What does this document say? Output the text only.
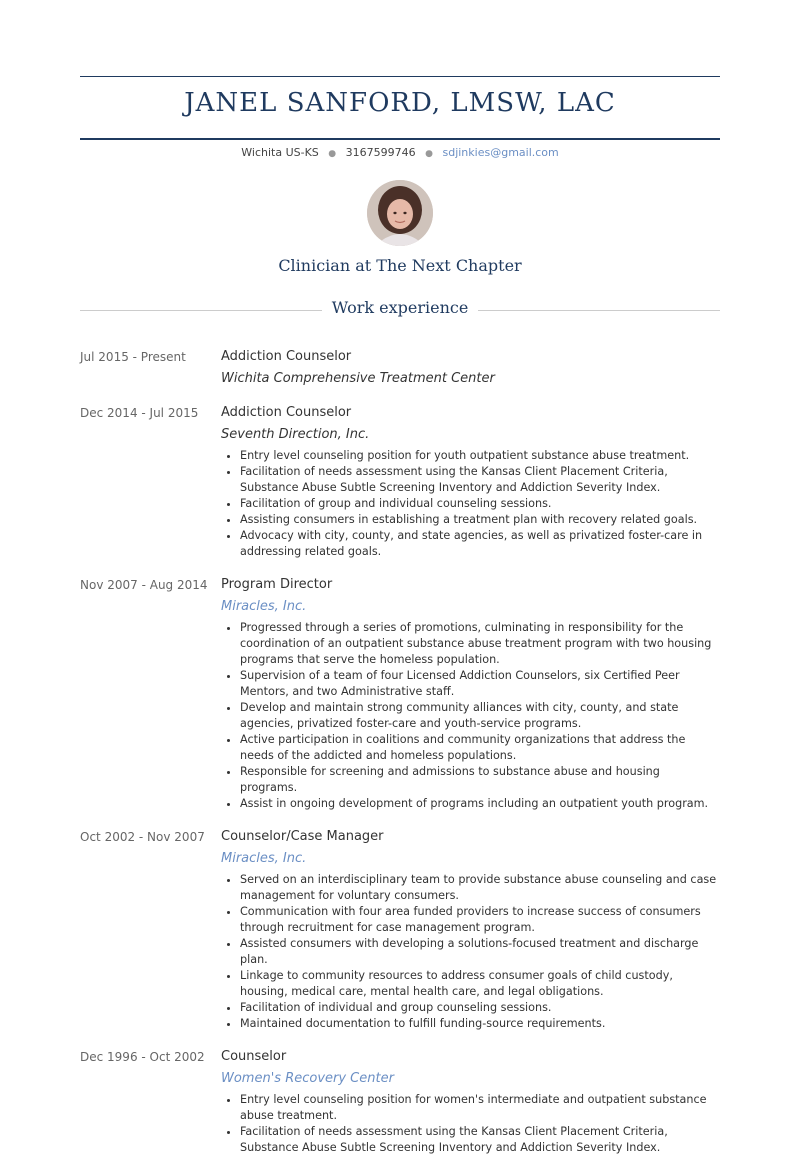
JANEL SANFORD, LMSW, LAC
Wichita US-KS ● 3167599746 ● sdjinkies@gmail.com
Clinician at The Next Chapter
Work experience
Jul 2015 - Present	Addiction Counselor
Wichita Comprehensive Treatment Center
Dec 2014 - Jul 2015	Addiction Counselor
Seventh Direction, Inc.
• Entry level counseling position for youth outpatient substance abuse treatment.
• Facilitation of needs assessment using the Kansas Client Placement Criteria, Substance Abuse Subtle Screening Inventory and Addiction Severity Index.
• Facilitation of group and individual counseling sessions.
• Assisting consumers in establishing a treatment plan with recovery related goals.
• Advocacy with city, county, and state agencies, as well as privatized foster-care in addressing related goals.
Nov 2007 - Aug 2014	Program Director
Miracles, Inc.
• Progressed through a series of promotions, culminating in responsibility for the coordination of an outpatient substance abuse treatment program with two housing programs that serve the homeless population.
• Supervision of a team of four Licensed Addiction Counselors, six Certified Peer Mentors, and two Administrative staff.
• Develop and maintain strong community alliances with city, county, and state agencies, privatized foster-care and youth-service programs.
• Active participation in coalitions and community organizations that address the needs of the addicted and homeless populations.
• Responsible for screening and admissions to substance abuse and housing programs.
• Assist in ongoing development of programs including an outpatient youth program.
Oct 2002 - Nov 2007	Counselor/Case Manager
Miracles, Inc.
• Served on an interdisciplinary team to provide substance abuse counseling and case management for voluntary consumers.
• Communication with four area funded providers to increase success of consumers through recruitment for case management program.
• Assisted consumers with developing a solutions-focused treatment and discharge plan.
• Linkage to community resources to address consumer goals of child custody, housing, medical care, mental health care, and legal obligations.
• Facilitation of individual and group counseling sessions.
• Maintained documentation to fulfill funding-source requirements.
Dec 1996 - Oct 2002	Counselor
Women's Recovery Center
• Entry level counseling position for women's intermediate and outpatient substance abuse treatment.
• Facilitation of needs assessment using the Kansas Client Placement Criteria, Substance Abuse Subtle Screening Inventory and Addiction Severity Index.
